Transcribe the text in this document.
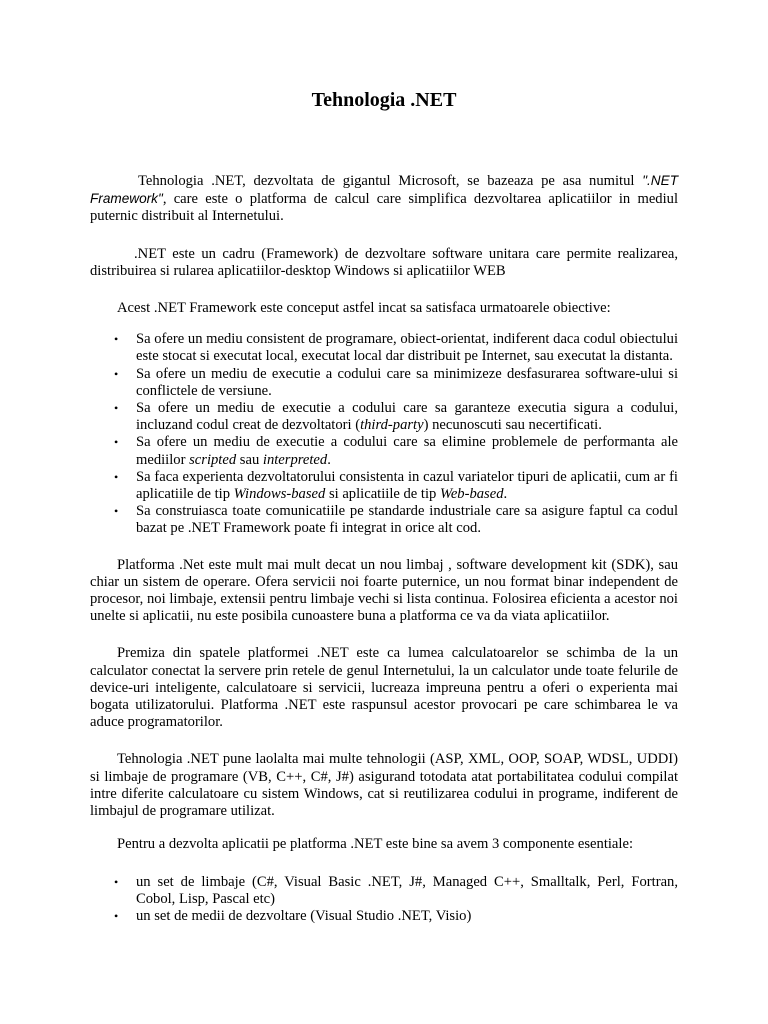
Tehnologia .NET

Tehnologia .NET, dezvoltata de gigantul Microsoft, se bazeaza pe asa numitul ".NET Framework", care este o platforma de calcul care simplifica dezvoltarea aplicatiilor in mediul puternic distribuit al Internetului.

.NET este un cadru (Framework) de dezvoltare software unitara care permite realizarea, distribuirea si rularea aplicatiilor-desktop Windows si aplicatiilor WEB

Acest .NET Framework este conceput astfel incat sa satisfaca urmatoarele obiective:

•	Sa ofere un mediu consistent de programare, obiect-orientat, indiferent daca codul obiectului este stocat si executat local, executat local dar distribuit pe Internet, sau executat la distanta.
•	Sa ofere un mediu de executie a codului care sa minimizeze desfasurarea software-ului si conflictele de versiune.
•	Sa ofere un mediu de executie a codului care sa garanteze executia sigura a codului, incluzand codul creat de dezvoltatori (third-party) necunoscuti sau necertificati.
•	Sa ofere un mediu de executie a codului care sa elimine problemele de performanta ale mediilor scripted sau interpreted.
•	Sa faca experienta dezvoltatorului consistenta in cazul variatelor tipuri de aplicatii, cum ar fi aplicatiile de tip Windows-based si aplicatiile de tip Web-based.
•	Sa construiasca toate comunicatiile pe standarde industriale care sa asigure faptul ca codul bazat pe .NET Framework poate fi integrat in orice alt cod.

Platforma .Net este mult mai mult decat un nou limbaj , software development kit (SDK), sau chiar un sistem de operare. Ofera servicii noi foarte puternice, un nou format binar independent de procesor, noi limbaje, extensii pentru limbaje vechi si lista continua. Folosirea eficienta a acestor noi unelte si aplicatii, nu este posibila cunoastere buna a platforma ce va da viata aplicatiilor.

Premiza din spatele platformei .NET este ca lumea calculatoarelor se schimba de la un calculator conectat la servere prin retele de genul Internetului, la un calculator unde toate felurile de device-uri inteligente, calculatoare si servicii, lucreaza impreuna pentru a oferi o experienta mai bogata utilizatorului. Platforma .NET este raspunsul acestor provocari pe care schimbarea le va aduce programatorilor.

Tehnologia .NET pune laolalta mai multe tehnologii (ASP, XML, OOP, SOAP, WDSL, UDDI) si limbaje de programare (VB, C++, C#, J#) asigurand totodata atat portabilitatea codului compilat intre diferite calculatoare cu sistem Windows, cat si reutilizarea codului in programe, indiferent de limbajul de programare utilizat.

Pentru a dezvolta aplicatii pe platforma .NET este bine sa avem 3 componente esentiale:

•	un set de limbaje (C#, Visual Basic .NET, J#, Managed C++, Smalltalk, Perl, Fortran, Cobol, Lisp, Pascal etc)
•	un set de medii de dezvoltare (Visual Studio .NET, Visio)
